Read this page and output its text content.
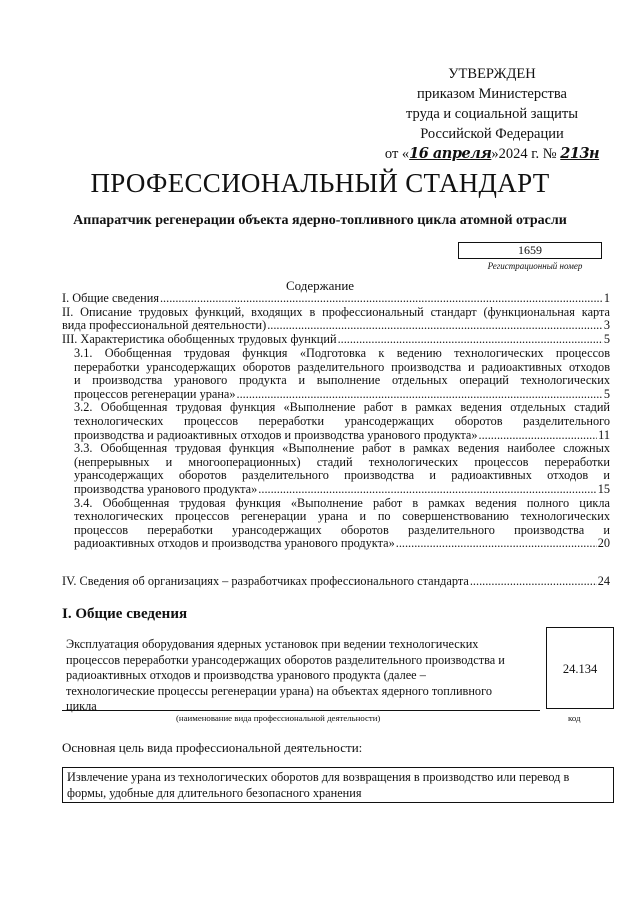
УТВЕРЖДЕН
приказом Министерства
труда и социальной защиты
Российской Федерации
от «16 апреля»2024 г. № 213н
ПРОФЕССИОНАЛЬНЫЙ СТАНДАРТ
Аппаратчик регенерации объекта ядерно-топливного цикла атомной отрасли
1659
Регистрационный номер
Содержание
I. Общие сведения .....	1
II. Описание трудовых функций, входящих в профессиональный стандарт (функциональная карта
вида профессиональной деятельности) .....	3
III. Характеристика обобщенных трудовых функций .....	5
3.1. Обобщенная трудовая функция «Подготовка к ведению технологических процессов
переработки урансодержащих оборотов разделительного производства и радиоактивных отходов
и производства уранового продукта и выполнение отдельных операций технологических
процессов регенерации урана» .....	5
3.2. Обобщенная трудовая функция «Выполнение работ в рамках ведения отдельных стадий
технологических процессов переработки урансодержащих оборотов разделительного
производства и радиоактивных отходов и производства уранового продукта» .....	11
3.3. Обобщенная трудовая функция «Выполнение работ в рамках ведения наиболее сложных
(непрерывных и многооперационных) стадий технологических процессов переработки
урансодержащих оборотов разделительного производства и радиоактивных отходов и
производства уранового продукта» .....	15
3.4. Обобщенная трудовая функция «Выполнение работ в рамках ведения полного цикла
технологических процессов регенерации урана и по совершенствованию технологических
процессов переработки урансодержащих оборотов разделительного производства и
радиоактивных отходов и производства уранового продукта» .....	20
IV. Сведения об организациях – разработчиках профессионального стандарта .....	24
I. Общие сведения
Эксплуатация оборудования ядерных установок при ведении технологических
процессов переработки урансодержащих оборотов разделительного производства и
радиоактивных отходов и производства уранового продукта (далее –
технологические процессы регенерации урана) на объектах ядерного топливного
цикла
24.134
(наименование вида профессиональной деятельности)	код
Основная цель вида профессиональной деятельности:
Извлечение урана из технологических оборотов для возвращения в производство или перевод в
формы, удобные для длительного безопасного хранения
